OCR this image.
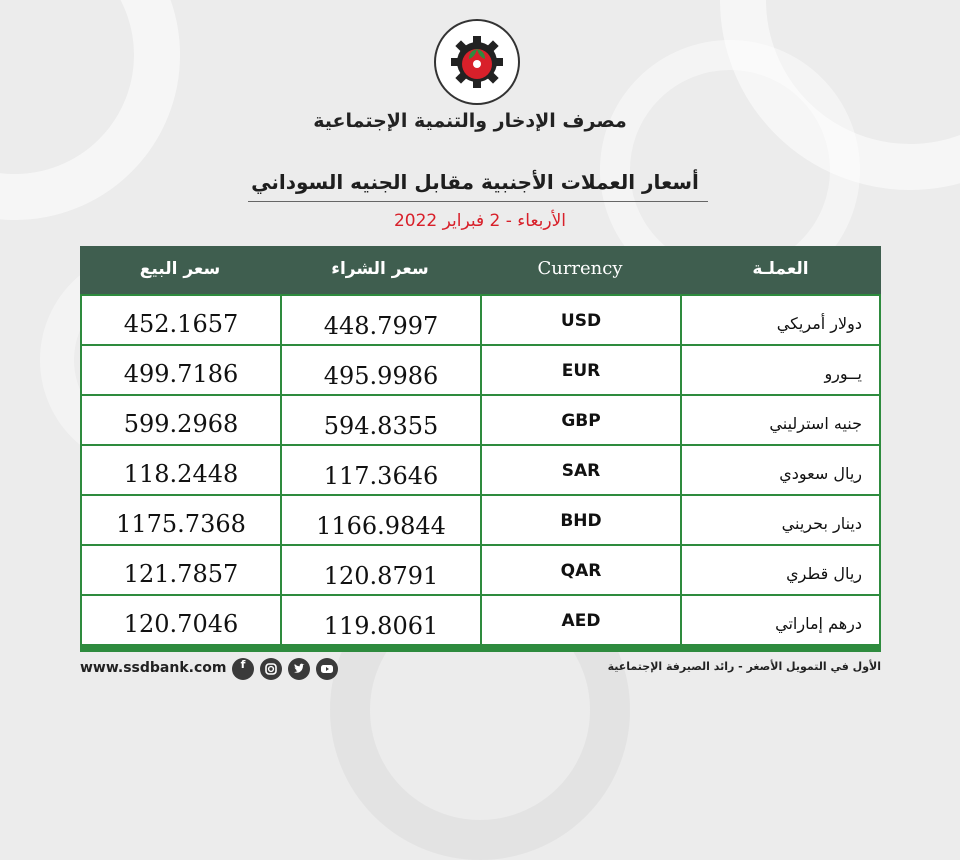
مصرف الإدخار والتنمية الإجتماعية
أسعار العملات الأجنبية مقابل الجنيه السوداني
الأربعاء - 2 فبراير 2022
سعر البيع	سعر الشراء	Currency	العملـة
452.1657	448.7997	USD	دولار أمريكي
499.7186	495.9986	EUR	يــورو
599.2968	594.8355	GBP	جنيه استرليني
118.2448	117.3646	SAR	ريال سعودي
1175.7368	1166.9844	BHD	دينار بحريني
121.7857	120.8791	QAR	ريال قطري
120.7046	119.8061	AED	درهم إماراتي
www.ssdbank.com	f	الأول في التمويل الأصغر - رائد الصيرفة الإجتماعية
